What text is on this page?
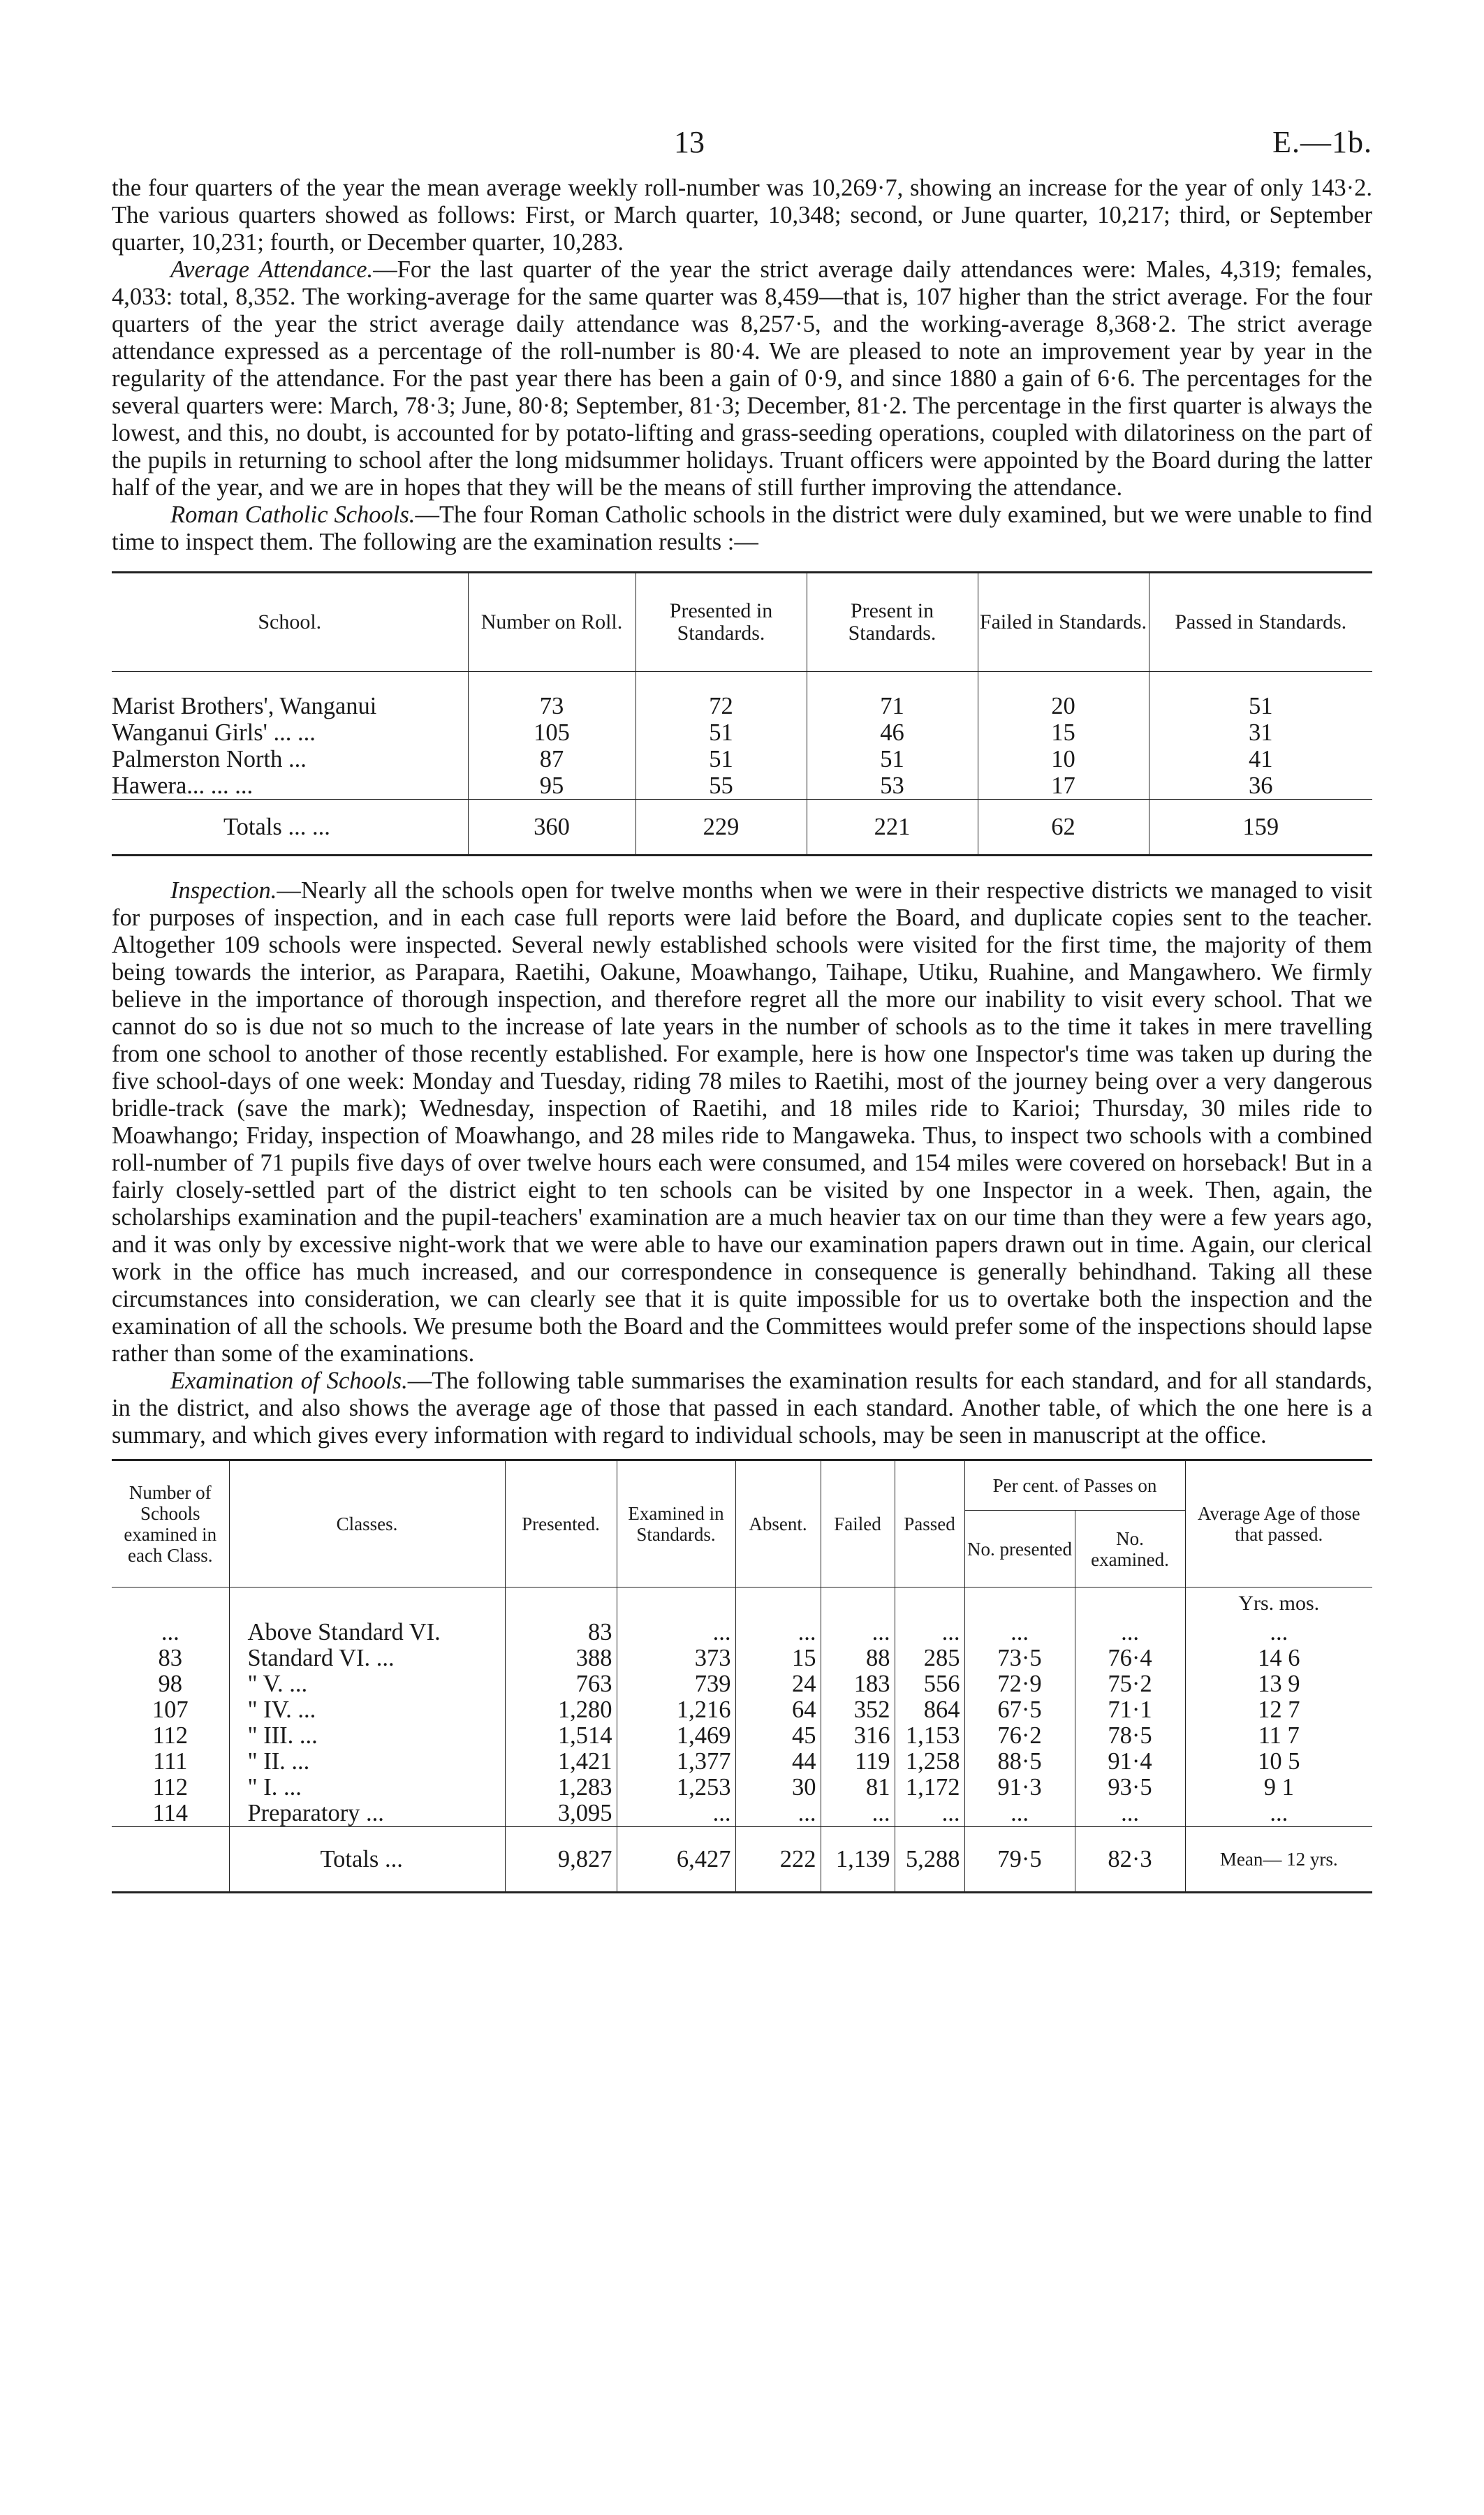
13	E.—1b.

the four quarters of the year the mean average weekly roll-number was 10,269·7, showing an increase for the year of only 143·2. The various quarters showed as follows: First, or March quarter, 10,348; second, or June quarter, 10,217; third, or September quarter, 10,231; fourth, or December quarter, 10,283.

Average Attendance.—For the last quarter of the year the strict average daily attendances were: Males, 4,319; females, 4,033: total, 8,352. The working-average for the same quarter was 8,459—that is, 107 higher than the strict average. For the four quarters of the year the strict average daily attendance was 8,257·5, and the working-average 8,368·2. The strict average attendance expressed as a percentage of the roll-number is 80·4. We are pleased to note an improvement year by year in the regularity of the attendance. For the past year there has been a gain of 0·9, and since 1880 a gain of 6·6. The percentages for the several quarters were: March, 78·3; June, 80·8; September, 81·3; December, 81·2. The percentage in the first quarter is always the lowest, and this, no doubt, is accounted for by potato-lifting and grass-seeding operations, coupled with dilatoriness on the part of the pupils in returning to school after the long midsummer holidays. Truant officers were appointed by the Board during the latter half of the year, and we are in hopes that they will be the means of still further improving the attendance.

Roman Catholic Schools.—The four Roman Catholic schools in the district were duly examined, but we were unable to find time to inspect them. The following are the examination results :—

School.	Number on Roll.	Presented in Standards.	Present in Standards.	Failed in Standards.	Passed in Standards.
Marist Brothers', Wanganui	73	72	71	20	51
Wanganui Girls' ... ...	105	51	46	15	31
Palmerston North ...	87	51	51	10	41
Hawera... ... ...	95	55	53	17	36
Totals ... ...	360	229	221	62	159

Inspection.—Nearly all the schools open for twelve months when we were in their respective districts we managed to visit for purposes of inspection, and in each case full reports were laid before the Board, and duplicate copies sent to the teacher. Altogether 109 schools were inspected. Several newly established schools were visited for the first time, the majority of them being towards the interior, as Parapara, Raetihi, Oakune, Moawhango, Taihape, Utiku, Ruahine, and Mangawhero. We firmly believe in the importance of thorough inspection, and therefore regret all the more our inability to visit every school. That we cannot do so is due not so much to the increase of late years in the number of schools as to the time it takes in mere travelling from one school to another of those recently established. For example, here is how one Inspector's time was taken up during the five school-days of one week: Monday and Tuesday, riding 78 miles to Raetihi, most of the journey being over a very dangerous bridle-track (save the mark); Wednesday, inspection of Raetihi, and 18 miles ride to Karioi; Thursday, 30 miles ride to Moawhango; Friday, inspection of Moawhango, and 28 miles ride to Mangaweka. Thus, to inspect two schools with a combined roll-number of 71 pupils five days of over twelve hours each were consumed, and 154 miles were covered on horseback! But in a fairly closely-settled part of the district eight to ten schools can be visited by one Inspector in a week. Then, again, the scholarships examination and the pupil-teachers' examination are a much heavier tax on our time than they were a few years ago, and it was only by excessive night-work that we were able to have our examination papers drawn out in time. Again, our clerical work in the office has much increased, and our correspondence in consequence is generally behindhand. Taking all these circumstances into consideration, we can clearly see that it is quite impossible for us to overtake both the inspection and the examination of all the schools. We presume both the Board and the Committees would prefer some of the inspections should lapse rather than some of the examinations.

Examination of Schools.—The following table summarises the examination results for each standard, and for all standards, in the district, and also shows the average age of those that passed in each standard. Another table, of which the one here is a summary, and which gives every information with regard to individual schools, may be seen in manuscript at the office.

Number of Schools examined in each Class.	Classes.	Presented.	Examined in Standards.	Absent.	Failed	Passed	Per cent. of Passes on		Average Age of those that passed.
							No. presented	No. examined.	
									Yrs. mos.
...	Above Standard VI.	83	...	...	...	...	...	...	...
83	Standard VI. ...	388	373	15	88	285	73·5	76·4	14 6
98	" V. ...	763	739	24	183	556	72·9	75·2	13 9
107	" IV. ...	1,280	1,216	64	352	864	67·5	71·1	12 7
112	" III. ...	1,514	1,469	45	316	1,153	76·2	78·5	11 7
111	" II. ...	1,421	1,377	44	119	1,258	88·5	91·4	10 5
112	" I. ...	1,283	1,253	30	81	1,172	91·3	93·5	9 1
114	Preparatory ...	3,095	...	...	...	...	...	...	...
	Totals ...	9,827	6,427	222	1,139	5,288	79·5	82·3	Mean— 12 yrs.
